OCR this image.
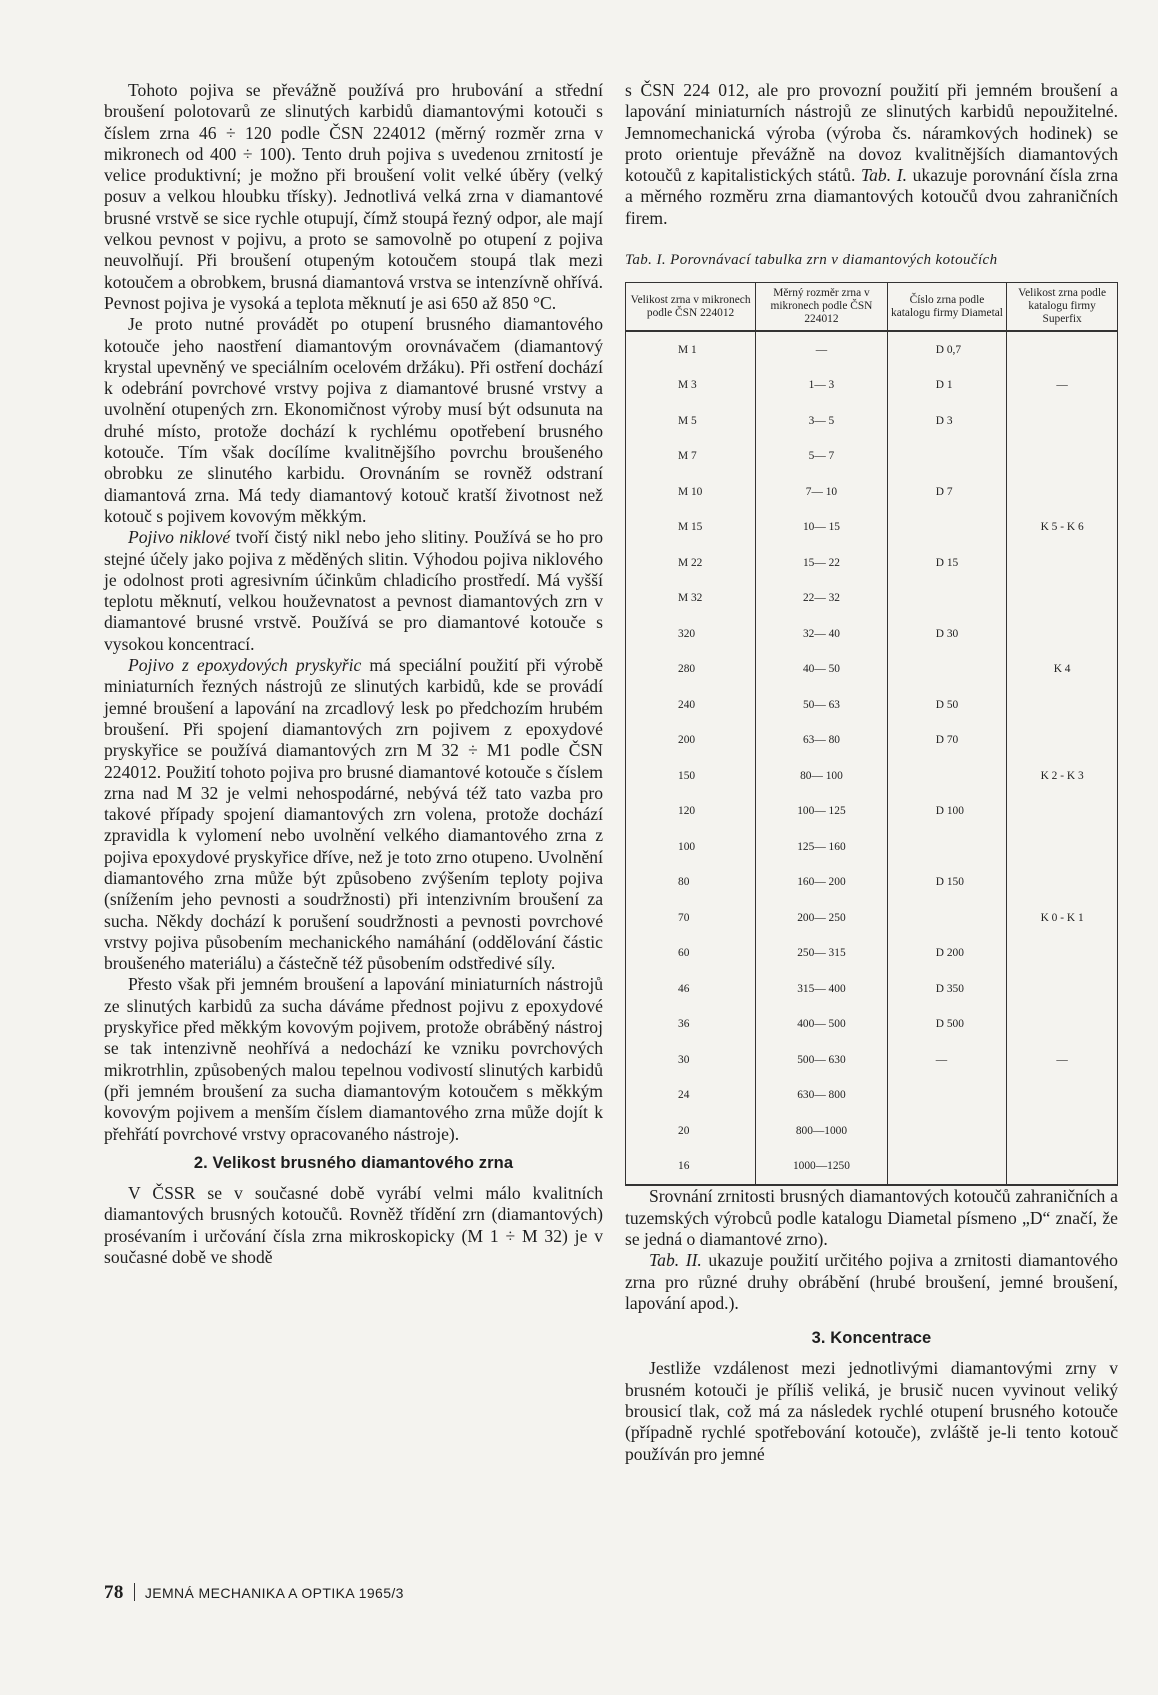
Tohoto pojiva se převážně používá pro hrubování a střední broušení polotovarů ze slinutých karbidů diamantovými kotouči s číslem zrna 46 ÷ 120 podle ČSN 224012 (měrný rozměr zrna v mikronech od 400 ÷ 100). Tento druh pojiva s uvedenou zrnitostí je velice produktivní; je možno při broušení volit velké úběry (velký posuv a velkou hloubku třísky). Jednotlivá velká zrna v diamantové brusné vrstvě se sice rychle otupují, čímž stoupá řezný odpor, ale mají velkou pevnost v pojivu, a proto se samovolně po otupení z pojiva neuvolňují. Při broušení otupeným kotoučem stoupá tlak mezi kotoučem a obrobkem, brusná diamantová vrstva se intenzívně ohřívá. Pevnost pojiva je vysoká a teplota měknutí je asi 650 až 850 °C.

Je proto nutné provádět po otupení brusného diamantového kotouče jeho naostření diamantovým orovnávačem (diamantový krystal upevněný ve speciálním ocelovém držáku). Při ostření dochází k odebrání povrchové vrstvy pojiva z diamantové brusné vrstvy a uvolnění otupených zrn. Ekonomičnost výroby musí být odsunuta na druhé místo, protože dochází k rychlému opotřebení brusného kotouče. Tím však docílíme kvalitnějšího povrchu broušeného obrobku ze slinutého karbidu. Orovnáním se rovněž odstraní diamantová zrna. Má tedy diamantový kotouč kratší životnost než kotouč s pojivem kovovým měkkým.

Pojivo niklové tvoří čistý nikl nebo jeho slitiny. Používá se ho pro stejné účely jako pojiva z měděných slitin. Výhodou pojiva niklového je odolnost proti agresivním účinkům chladicího prostředí. Má vyšší teplotu měknutí, velkou houževnatost a pevnost diamantových zrn v diamantové brusné vrstvě. Používá se pro diamantové kotouče s vysokou koncentrací.

Pojivo z epoxydových pryskyřic má speciální použití při výrobě miniaturních řezných nástrojů ze slinutých karbidů, kde se provádí jemné broušení a lapování na zrcadlový lesk po předchozím hrubém broušení. Při spojení diamantových zrn pojivem z epoxydové pryskyřice se používá diamantových zrn M 32 ÷ M1 podle ČSN 224012. Použití tohoto pojiva pro brusné diamantové kotouče s číslem zrna nad M 32 je velmi nehospodárné, nebývá též tato vazba pro takové případy spojení diamantových zrn volena, protože dochází zpravidla k vylomení nebo uvolnění velkého diamantového zrna z pojiva epoxydové pryskyřice dříve, než je toto zrno otupeno. Uvolnění diamantového zrna může být způsobeno zvýšením teploty pojiva (snížením jeho pevnosti a soudržnosti) při intenzivním broušení za sucha. Někdy dochází k porušení soudržnosti a pevnosti povrchové vrstvy pojiva působením mechanického namáhání (oddělování částic broušeného materiálu) a částečně též působením odstředivé síly.

Přesto však při jemném broušení a lapování miniaturních nástrojů ze slinutých karbidů za sucha dáváme přednost pojivu z epoxydové pryskyřice před měkkým kovovým pojivem, protože obráběný nástroj se tak intenzivně neohřívá a nedochází ke vzniku povrchových mikrotrhlin, způsobených malou tepelnou vodivostí slinutých karbidů (při jemném broušení za sucha diamantovým kotoučem s měkkým kovovým pojivem a menším číslem diamantového zrna může dojít k přehřátí povrchové vrstvy opracovaného nástroje).

2. Velikost brusného diamantového zrna

V ČSSR se v současné době vyrábí velmi málo kvalitních diamantových brusných kotoučů. Rovněž třídění zrn (diamantových) prosévaním i určování čísla zrna mikroskopicky (M 1 ÷ M 32) je v současné době ve shodě

s ČSN 224 012, ale pro provozní použití při jemném broušení a lapování miniaturních nástrojů ze slinutých karbidů nepoužitelné. Jemnomechanická výroba (výroba čs. náramkových hodinek) se proto orientuje převážně na dovoz kvalitnějších diamantových kotoučů z kapitalistických států. Tab. I. ukazuje porovnání čísla zrna a měrného rozměru zrna diamantových kotoučů dvou zahraničních firem.

Tab. I. Porovnávací tabulka zrn v diamantových kotoučích
Velikost zrna v mikronech podle ČSN 224012	Měrný rozměr zrna v mikronech podle ČSN 224012	Číslo zrna podle katalogu firmy Diametal	Velikost zrna podle katalogu firmy Superfix
M 1	—	D 0,7	
M 3	1— 3	D 1	—
M 5	3— 5	D 3	
M 7	5— 7		
M 10	7— 10	D 7	
M 15	10— 15		K 5 - K 6
M 22	15— 22	D 15	
M 32	22— 32		
320	32— 40	D 30	
280	40— 50		K 4
240	50— 63	D 50	
200	63— 80	D 70	
150	80— 100		K 2 - K 3
120	100— 125	D 100	
100	125— 160		
80	160— 200	D 150	
70	200— 250		K 0 - K 1
60	250— 315	D 200	
46	315— 400	D 350	
36	400— 500	D 500	
30	500— 630	—	—
24	630— 800		
20	800—1000		
16	1000—1250		

Srovnání zrnitosti brusných diamantových kotoučů zahraničních a tuzemských výrobců podle katalogu Diametal písmeno „D“ značí, že se jedná o diamantové zrno).

Tab. II. ukazuje použití určitého pojiva a zrnitosti diamantového zrna pro různé druhy obrábění (hrubé broušení, jemné broušení, lapování apod.).

3. Koncentrace

Jestliže vzdálenost mezi jednotlivými diamantovými zrny v brusném kotouči je příliš veliká, je brusič nucen vyvinout veliký brousicí tlak, což má za následek rychlé otupení brusného kotouče (případně rychlé spotřebování kotouče), zvláště je-li tento kotouč používán pro jemné

78 JEMNÁ MECHANIKA A OPTIKA 1965/3
